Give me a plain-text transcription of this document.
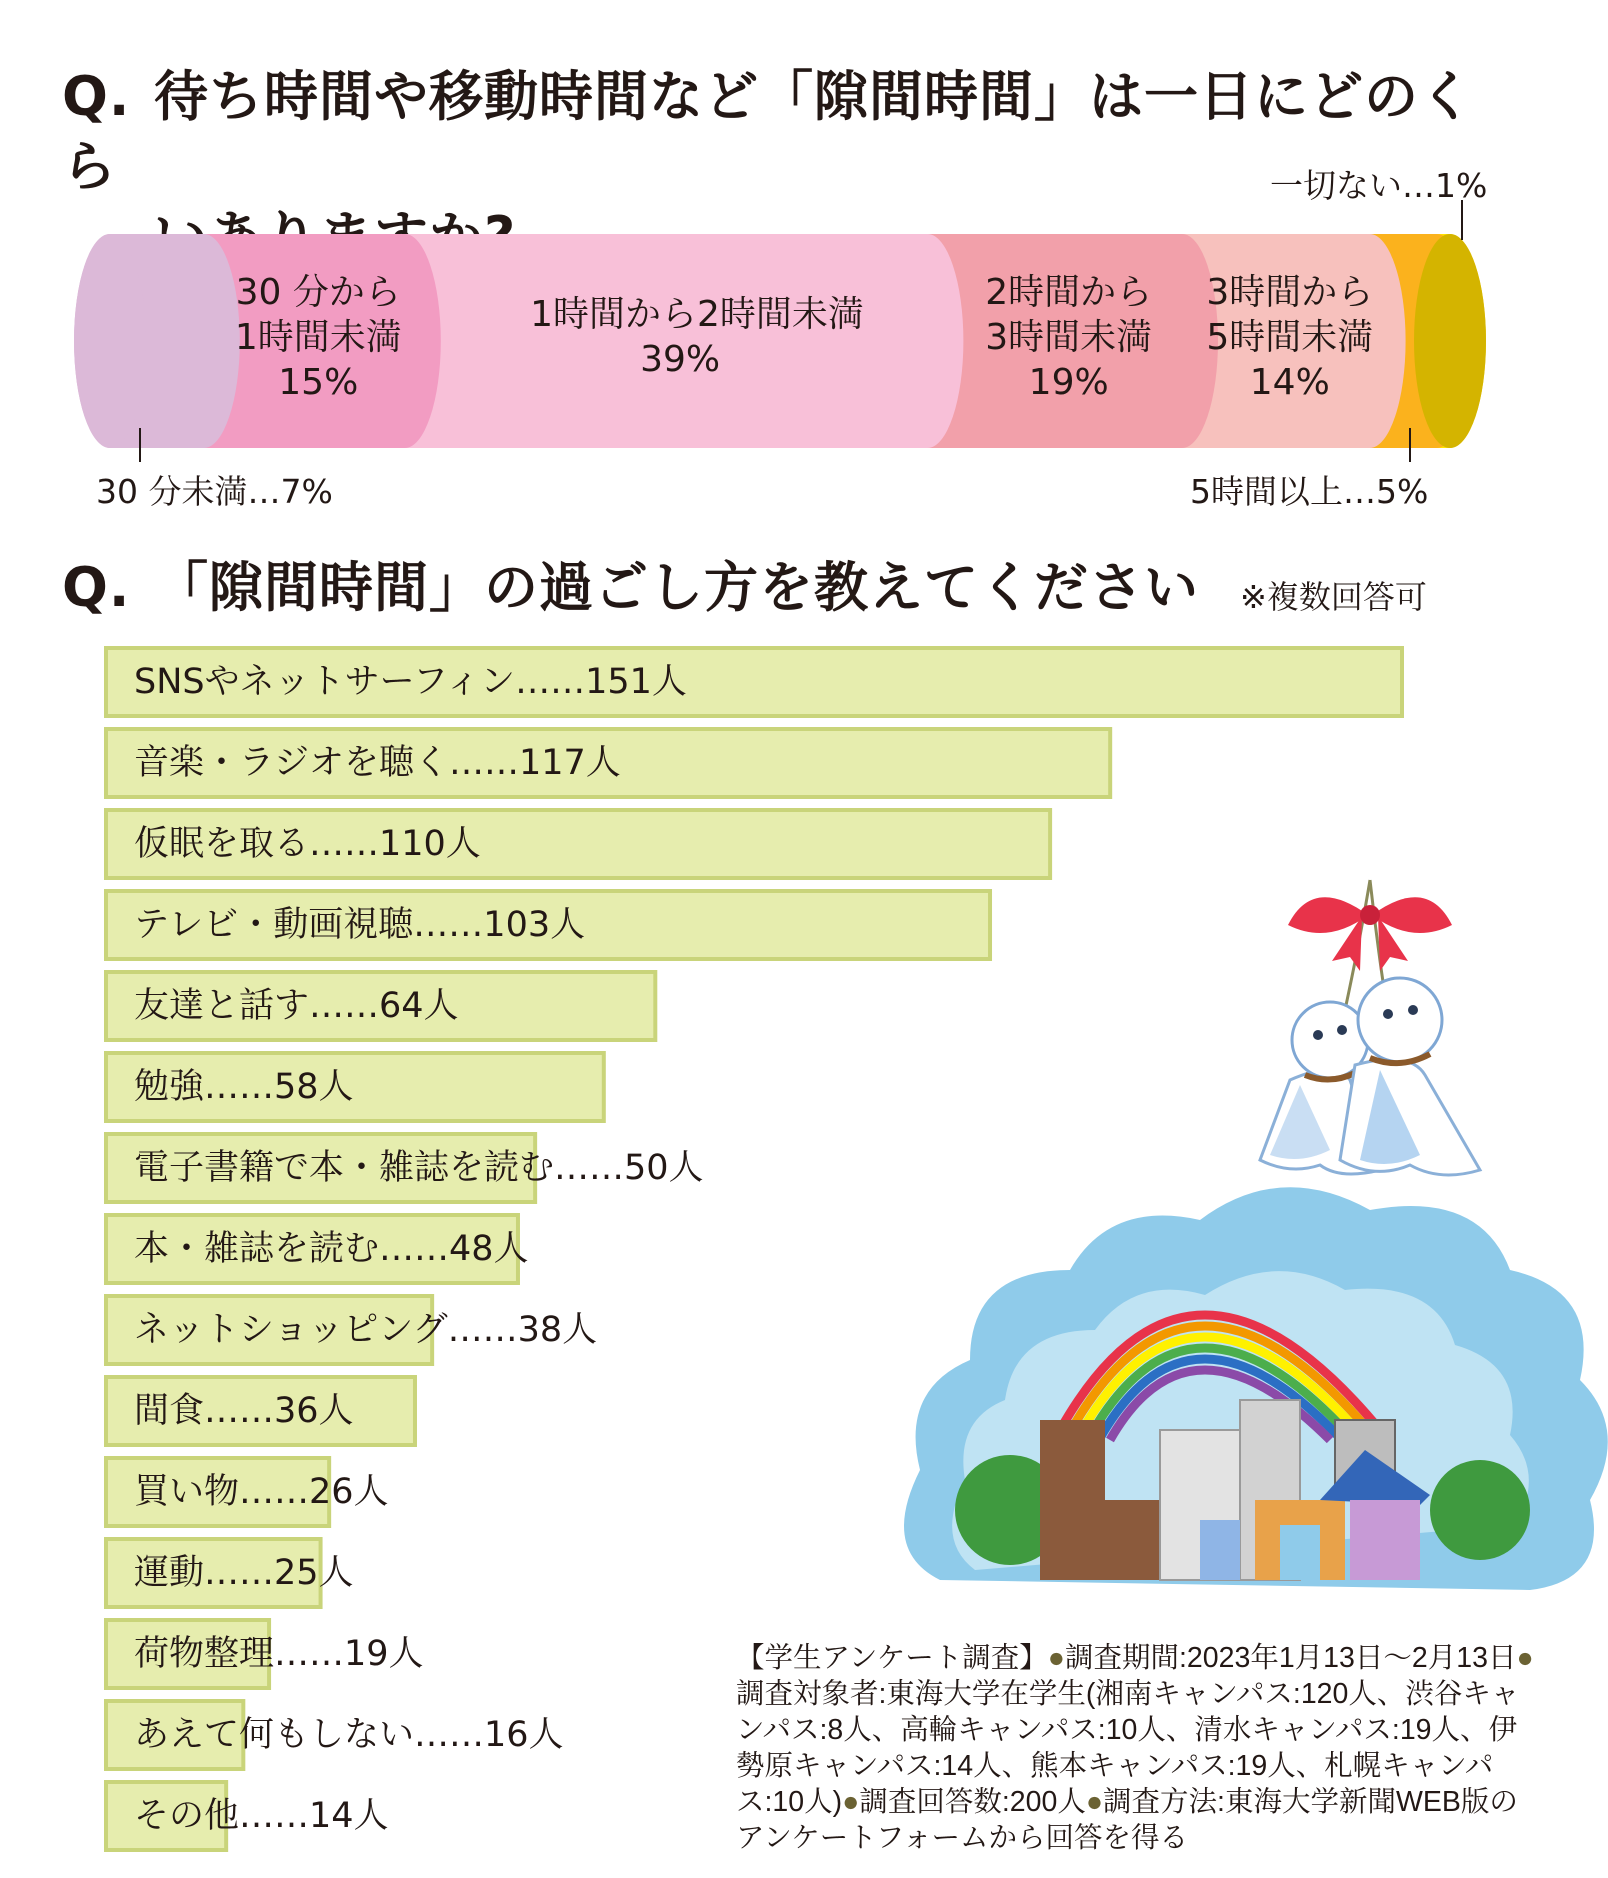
Q. 待ち時間や移動時間など「隙間時間」は一日にどのくら
30 分から
1時間未満
15%
1時間から2時間未満
39%
2時間から
3時間未満
19%
3時間から
5時間未満
14%
30 分未満…7%	5時間以上…5%
一切ない…1%
Q. 「隙間時間」の過ごし方を教えてください ※複数回答可
SNSやネットサーフィン……151人
音楽・ラジオを聴く……117人
仮眠を取る……110人
テレビ・動画視聴……103人
友達と話す……64人
勉強……58人
電子書籍で本・雑誌を読む……50人
本・雑誌を読む……48人
ネットショッピング……38人
間食……36人
買い物……26人
運動……25人
荷物整理……19人
あえて何もしない……16人
その他……14人
【学生アンケート調査】●調査期間:2023年1月13日〜2月13日●調査対象者:東海大学在学生(湘南キャンパス:120人、渋谷キャンパス:8人、高輪キャンパス:10人、清水キャンパス:19人、伊勢原キャンパス:14人、熊本キャンパス:19人、札幌キャンパス:10人)●調査回答数:200人●調査方法:東海大学新聞WEB版のアンケートフォームから回答を得る
